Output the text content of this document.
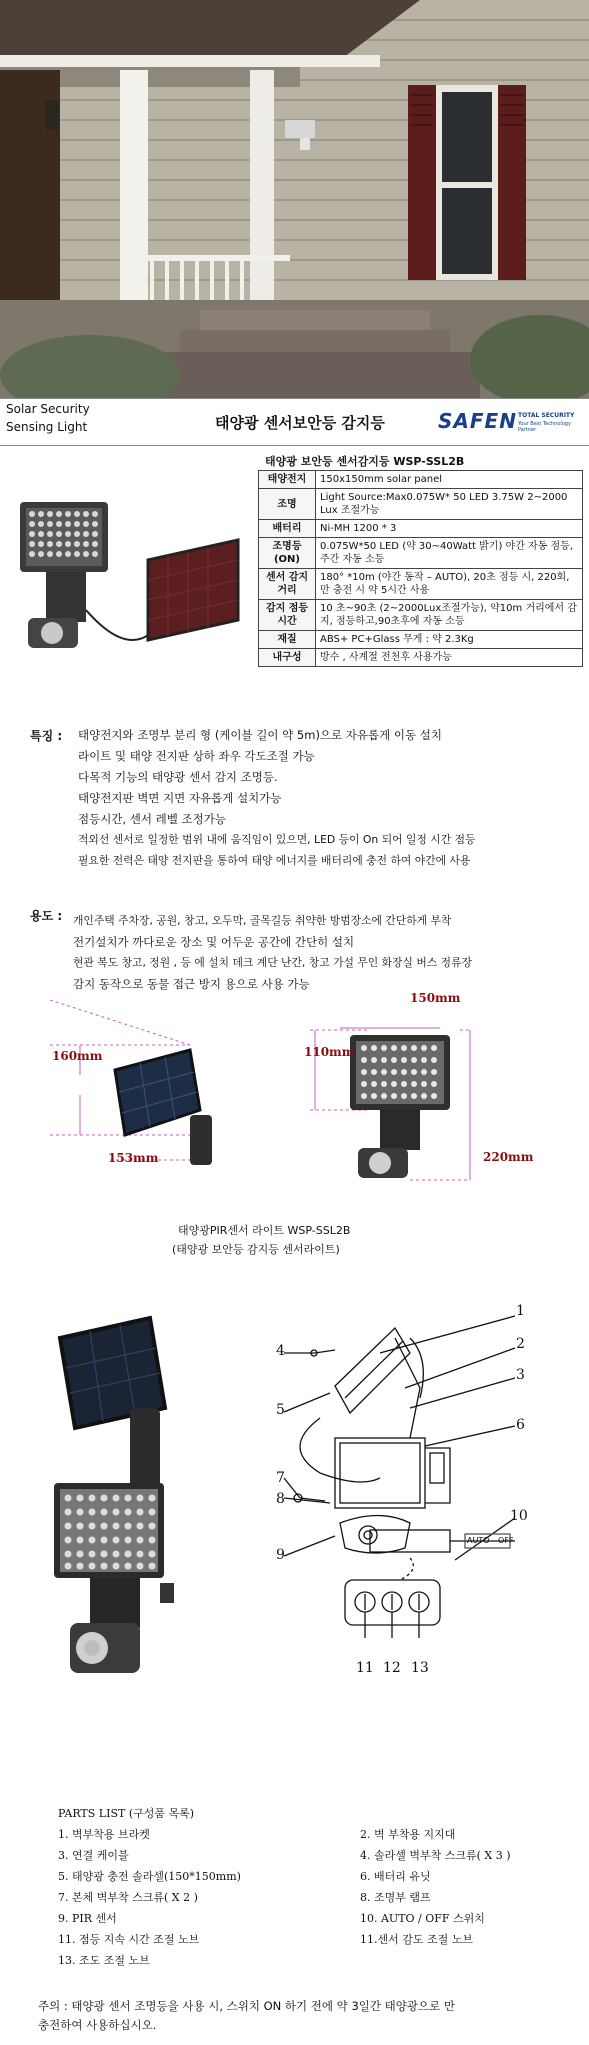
Solar Security
Sensing Light	태양광 센서보안등 감지등	SAFEN TOTAL SECURITY
Your Best Technology Partner
태양광 보안등 센서감지등 WSP-SSL2B
태양전지	150x150mm solar panel
조명	Light Source:Max0.075W* 50 LED 3.75W 2~2000 Lux 조절가능
배터리	Ni-MH 1200 * 3
조명등 (ON)	0.075W*50 LED (약 30~40Watt 밝기) 야간 자동 점등, 주간 자동 소등
센서 감지 거리	180° *10m (야간 동작 – AUTO), 20초 점등 시, 220회,만 충전 시 약 5시간 사용
감지 점등 시간	10 초~90초 (2~2000Lux조절가능), 약10m 거리에서 감지, 점등하고,90초후에 자동 소등
재질	ABS+ PC+Glass 무게 : 약 2.3Kg
내구성	방수 , 사계절 전천후 사용가능
특징 : 태양전지와 조명부 분리 형 (케이블 길이 약 5m)으로 자유롭게 이동 설치
라이트 및 태양 전지판 상하 좌우 각도조절 가능
다목적 기능의 태양광 센서 감지 조명등.
태양전지판 벽면 지면 자유롭게 설치가능
점등시간, 센서 레벨 조정가능
적외선 센서로 일정한 범위 내에 움직임이 있으면, LED 등이 On 되어 일정 시간 점등
필요한 전력은 태양 전지판을 통하여 태양 에너지를 배터리에 충전 하여 야간에 사용
용도 : 개인주택 주차장, 공원, 창고, 오두막, 골목길등 취약한 방범장소에 간단하게 부착
전기설치가 까다로운 장소 및 어두운 공간에 간단히 설치
현관 복도 창고, 정원 , 등 에 설치 데크 계단 난간, 창고 가설 무인 화장실 버스 정류장
감지 동작으로 동물 접근 방지 용으로 사용 가능
160mm
153mm
150mm
110mm
220mm
태양광PIR센서 라이트 WSP-SSL2B
(태양광 보안등 감지등 센서라이트)
1
2
3
4
5
6
7
8
9
10
11 12 13
AUTO OFF
PARTS LIST (구성품 목록)
1. 벽부착용 브라켓
3. 연결 케이블
5. 태양광 충전 솔라셀(150*150mm)
7. 본체 벽부착 스크류( X 2 )
9. PIR 센서
11. 점등 지속 시간 조절 노브
13. 조도 조절 노브
2. 벽 부착용 지지대
4. 솔라셀 벽부착 스크류( X 3 )
6. 배터리 유닛
8. 조명부 램프
10. AUTO / OFF 스위치
11.센서 감도 조절 노브
주의 : 태양광 센서 조명등을 사용 시, 스위치 ON 하기 전에 약 3일간 태양광으로 만
충전하여 사용하십시오.
